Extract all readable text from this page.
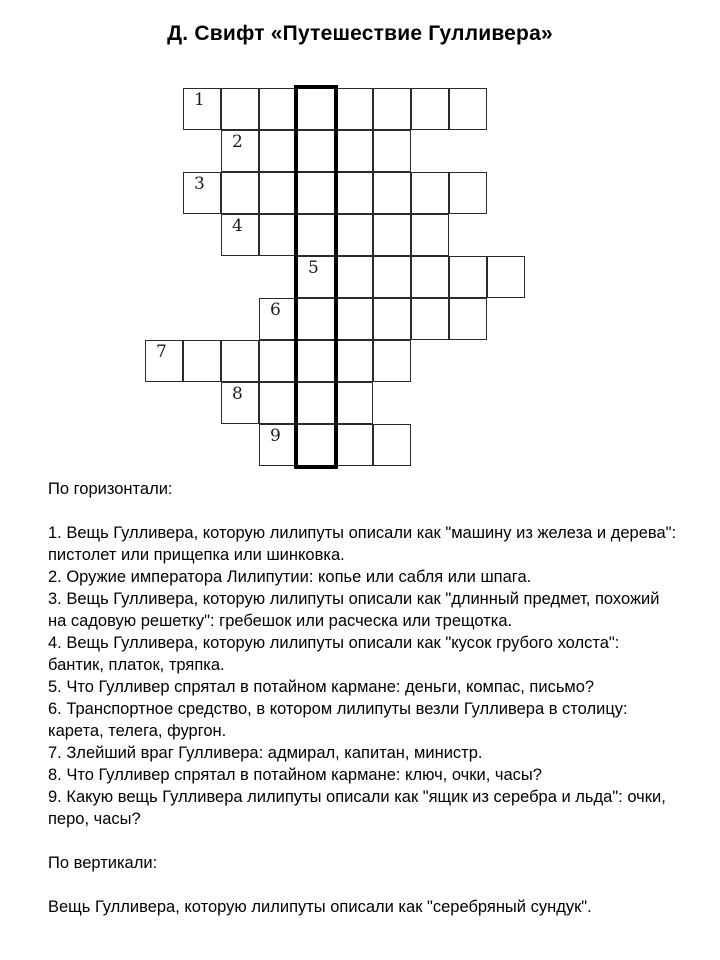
Д. Свифт «Путешествие Гулливера»
1
2
3
4
5
6
7
8
9

По горизонтали:

1. Вещь Гулливера, которую лилипуты описали как "машину из железа и дерева": пистолет или прищепка или шинковка.

2. Оружие императора Лилипутии: копье или сабля или шпага.

3. Вещь Гулливера, которую лилипуты описали как "длинный предмет, похожий на садовую решетку": гребешок или расческа или трещотка.

4. Вещь Гулливера, которую лилипуты описали как "кусок грубого холста": бантик, платок, тряпка.

5. Что Гулливер спрятал в потайном кармане: деньги, компас, письмо?

6. Транспортное средство, в котором лилипуты везли Гулливера в столицу: карета, телега, фургон.

7. Злейший враг Гулливера: адмирал, капитан, министр.

8. Что Гулливер спрятал в потайном кармане: ключ, очки, часы?

9. Какую вещь Гулливера лилипуты описали как "ящик из серебра и льда": очки, перо, часы?

По вертикали:

Вещь Гулливера, которую лилипуты описали как "серебряный сундук".
